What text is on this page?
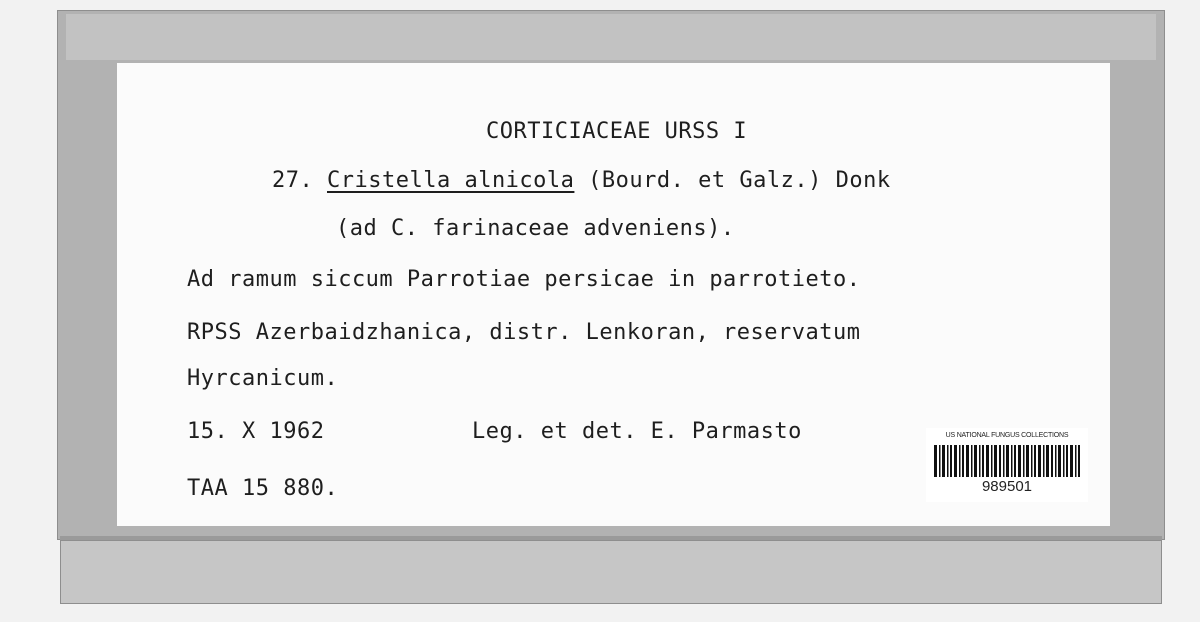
CORTICIACEAE URSS I
27. Cristella alnicola (Bourd. et Galz.) Donk
(ad C. farinaceae adveniens).
Ad ramum siccum Parrotiae persicae in parrotieto.
RPSS Azerbaidzhanica, distr. Lenkoran, reservatum
Hyrcanicum.
15. X 1962	Leg. et det. E. Parmasto
TAA 15 880.
US NATIONAL FUNGUS COLLECTIONS
989501
